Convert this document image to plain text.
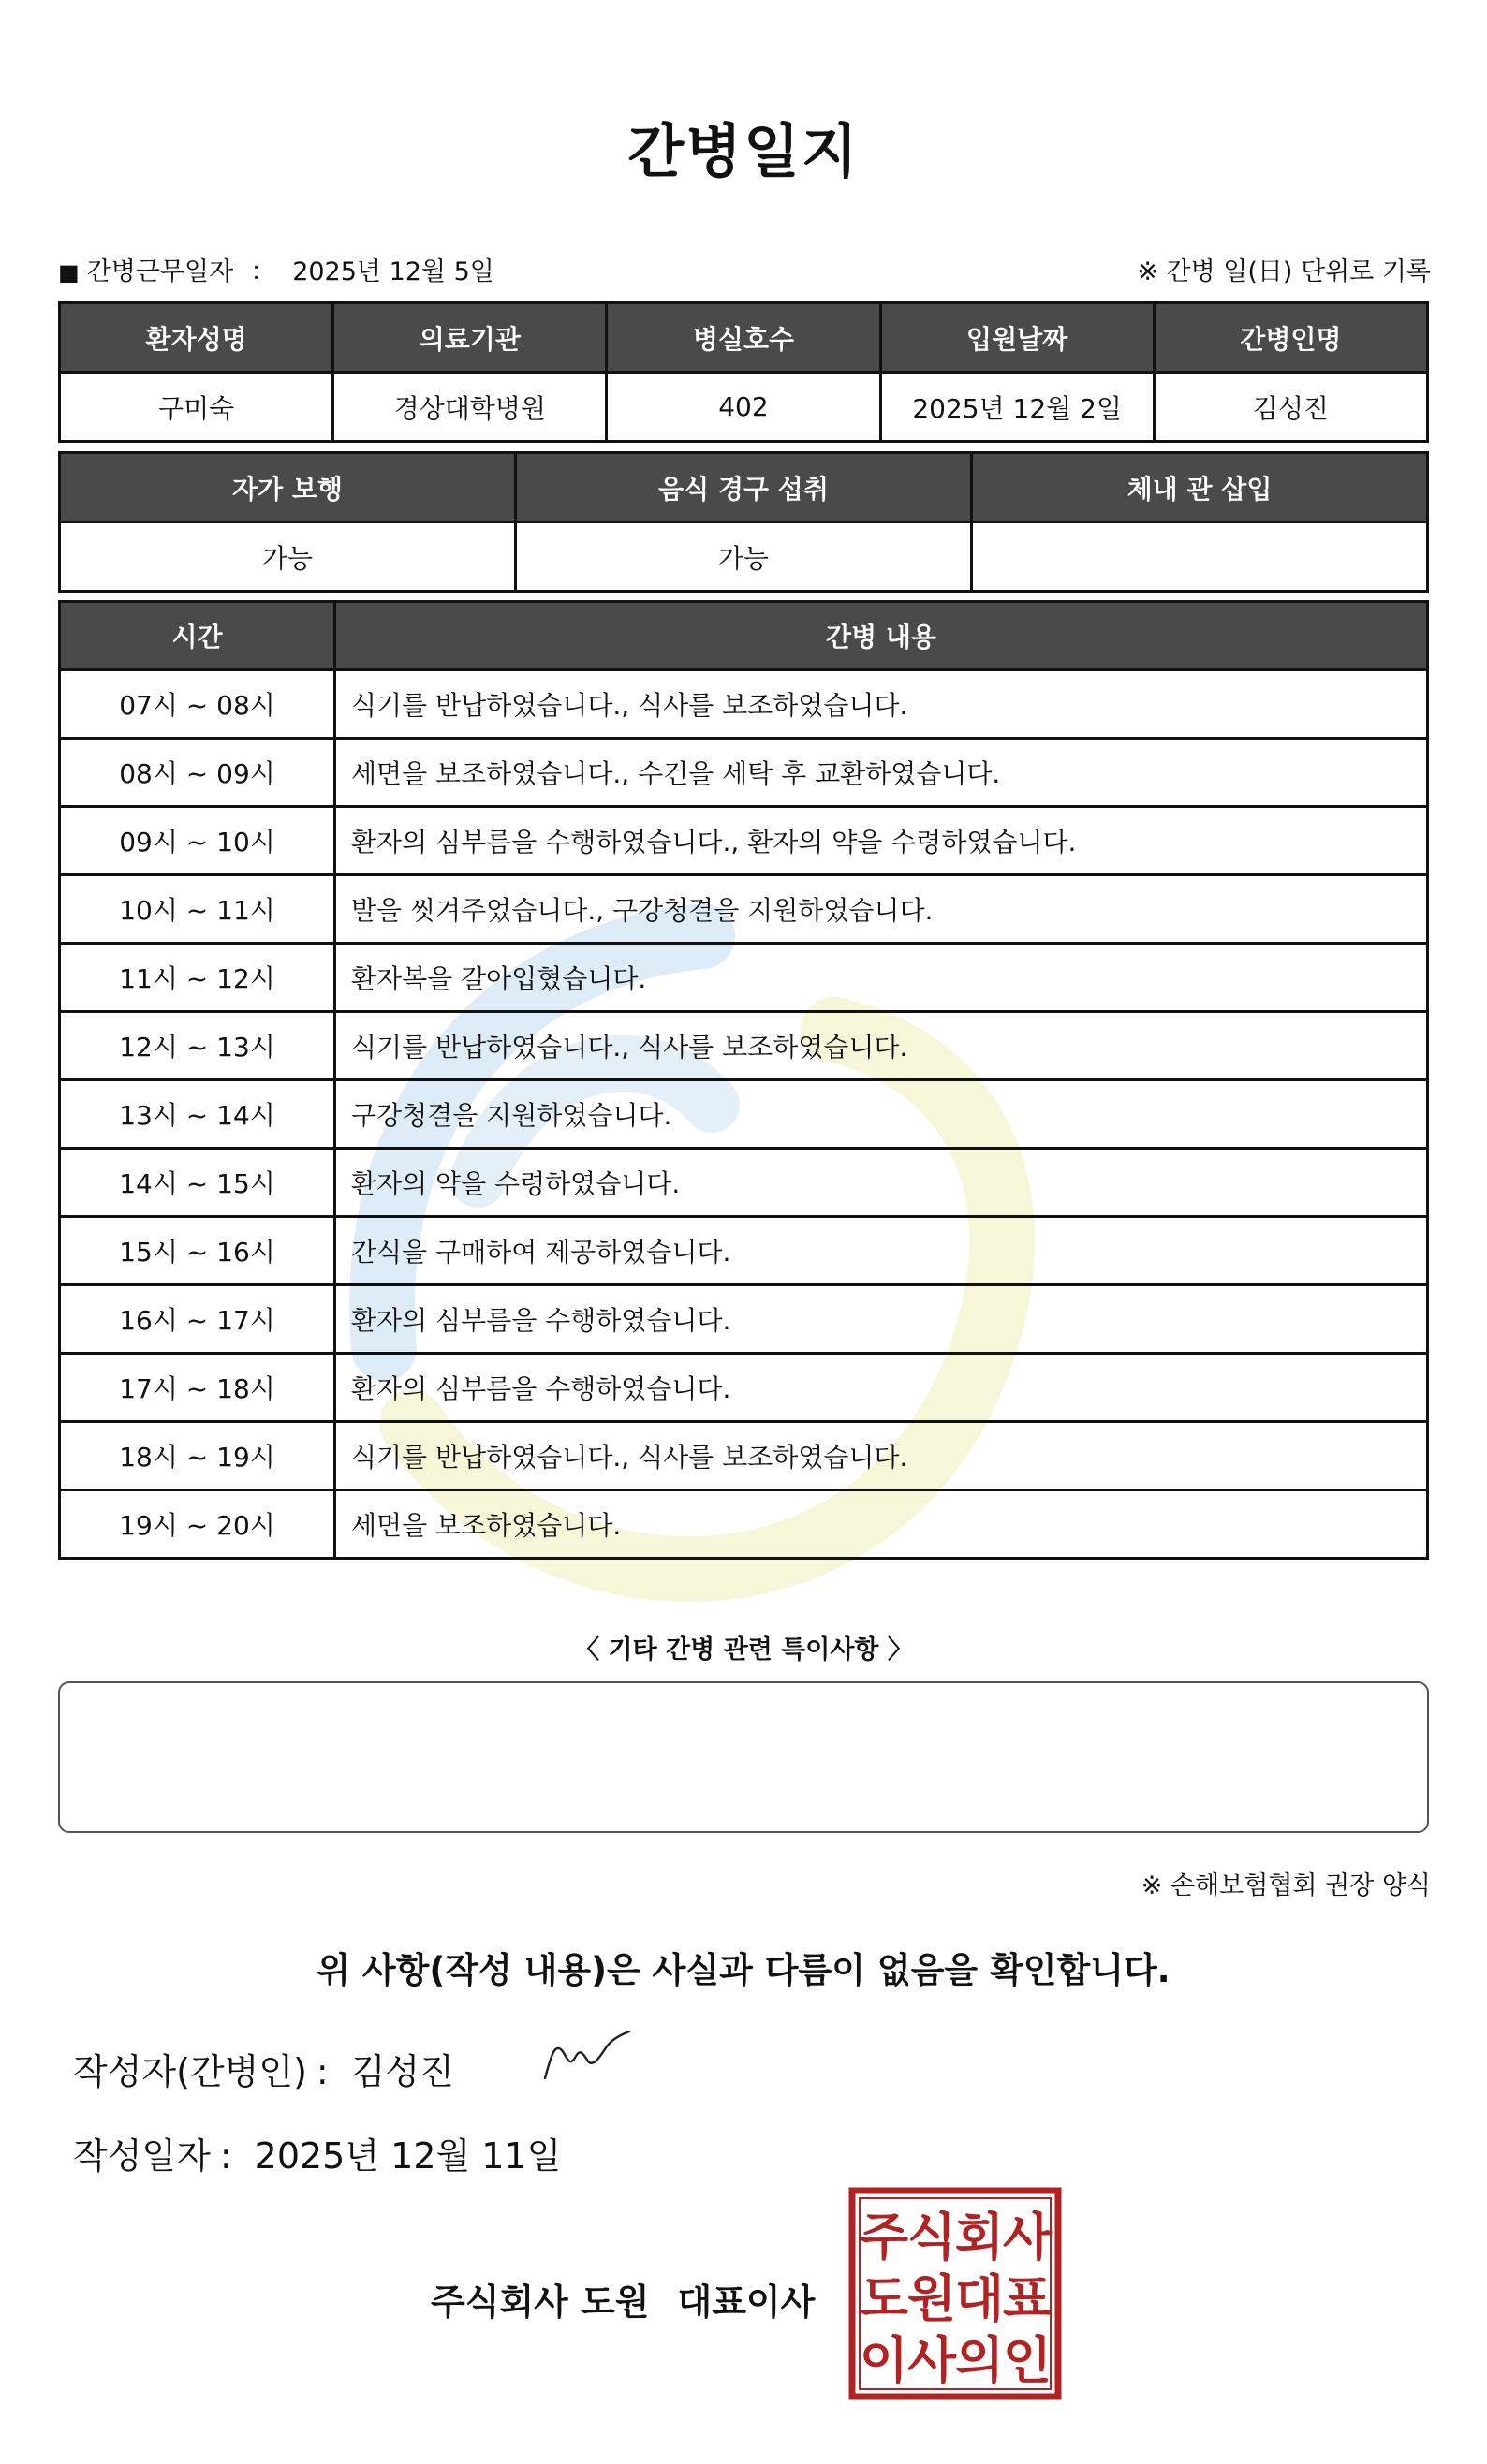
간병일지
■ 간병근무일자 ： 2025년 12월 5일	※ 간병 일(日) 단위로 기록
환자성명	의료기관	병실호수	입원날짜	간병인명
구미숙	경상대학병원	402	2025년 12월 2일	김성진
자가 보행	음식 경구 섭취	체내 관 삽입
가능	가능	
시간	간병 내용
07시 ~ 08시	식기를 반납하였습니다., 식사를 보조하였습니다.
08시 ~ 09시	세면을 보조하였습니다., 수건을 세탁 후 교환하였습니다.
09시 ~ 10시	환자의 심부름을 수행하였습니다., 환자의 약을 수령하였습니다.
10시 ~ 11시	발을 씻겨주었습니다., 구강청결을 지원하였습니다.
11시 ~ 12시	환자복을 갈아입혔습니다.
12시 ~ 13시	식기를 반납하였습니다., 식사를 보조하였습니다.
13시 ~ 14시	구강청결을 지원하였습니다.
14시 ~ 15시	환자의 약을 수령하였습니다.
15시 ~ 16시	간식을 구매하여 제공하였습니다.
16시 ~ 17시	환자의 심부름을 수행하였습니다.
17시 ~ 18시	환자의 심부름을 수행하였습니다.
18시 ~ 19시	식기를 반납하였습니다., 식사를 보조하였습니다.
19시 ~ 20시	세면을 보조하였습니다.
〈 기타 간병 관련 특이사항 〉
※ 손해보험협회 권장 양식
위 사항(작성 내용)은 사실과 다름이 없음을 확인합니다.
작성자(간병인) : 김성진
작성일자 : 2025년 12월 11일
주식회사 도원 대표이사
주
식
회
사
도
원
대
표
이
사
의
인
